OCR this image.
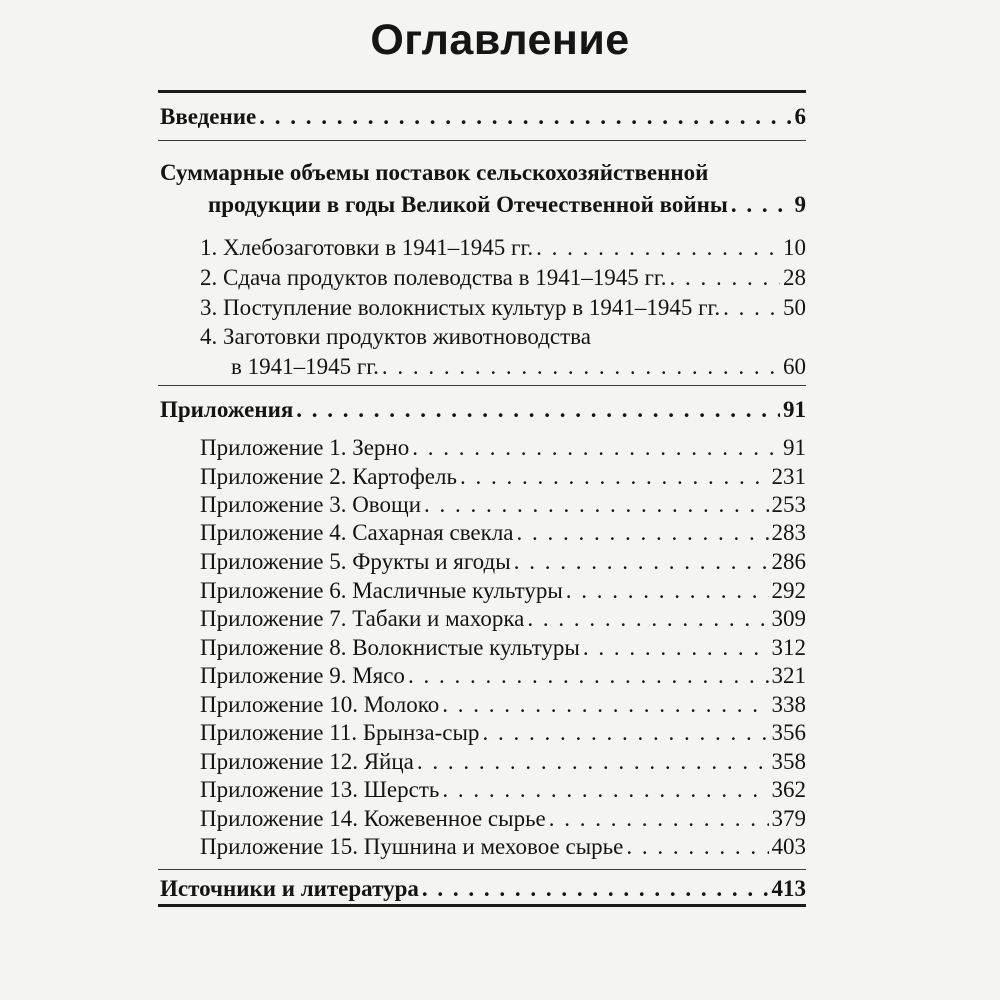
Оглавление
Введение . . .	6
Суммарные объемы поставок сельскохозяйственной
продукции в годы Великой Отечественной войны . . .	9
1. Хлебозаготовки в 1941–1945 гг. . . .	10
2. Сдача продуктов полеводства в 1941–1945 гг. . . .	28
3. Поступление волокнистых культур в 1941–1945 гг. . . .	50
4. Заготовки продуктов животноводства
в 1941–1945 гг. . . .	60
Приложения . . .	91
Приложение 1. Зерно . . .	91
Приложение 2. Картофель . . .	231
Приложение 3. Овощи . . .	253
Приложение 4. Сахарная свекла . . .	283
Приложение 5. Фрукты и ягоды . . .	286
Приложение 6. Масличные культуры . . .	292
Приложение 7. Табаки и махорка . . .	309
Приложение 8. Волокнистые культуры . . .	312
Приложение 9. Мясо . . .	321
Приложение 10. Молоко . . .	338
Приложение 11. Брынза-сыр . . .	356
Приложение 12. Яйца . . .	358
Приложение 13. Шерсть . . .	362
Приложение 14. Кожевенное сырье . . .	379
Приложение 15. Пушнина и меховое сырье . . .	403
Источники и литература . . .	413
